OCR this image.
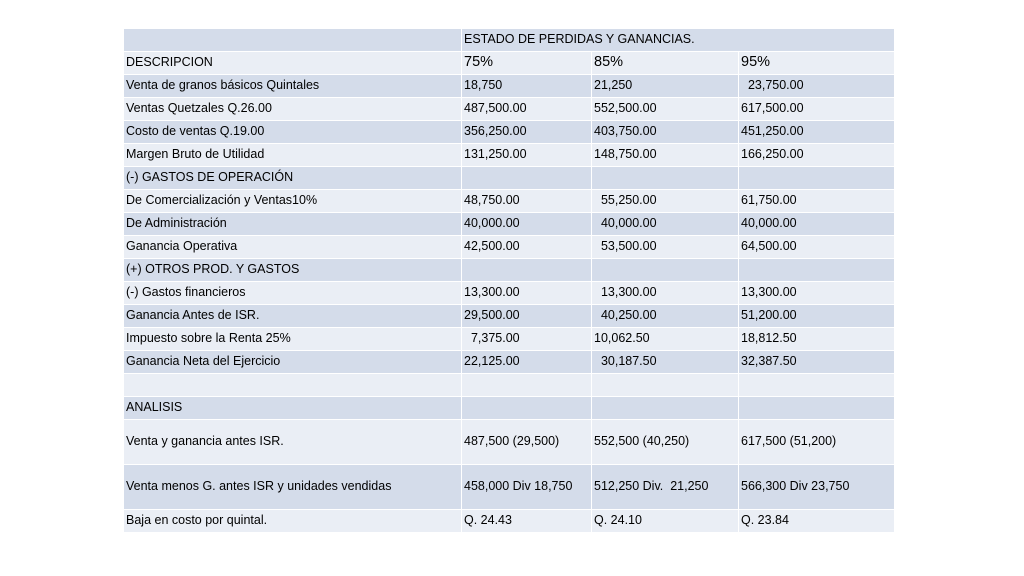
	ESTADO DE PERDIDAS Y GANANCIAS.		
DESCRIPCION	75%	85%	95%
Venta de granos básicos Quintales	18,750	21,250	23,750.00
Ventas Quetzales Q.26.00	487,500.00	552,500.00	617,500.00
Costo de ventas Q.19.00	356,250.00	403,750.00	451,250.00
Margen Bruto de Utilidad	131,250.00	148,750.00	166,250.00
(-) GASTOS DE OPERACIÓN			
De Comercialización y Ventas10%	48,750.00	55,250.00	61,750.00
De Administración	40,000.00	40,000.00	40,000.00
Ganancia Operativa	42,500.00	53,500.00	64,500.00
(+) OTROS PROD. Y GASTOS			
(-) Gastos financieros	13,300.00	13,300.00	13,300.00
Ganancia Antes de ISR.	29,500.00	40,250.00	51,200.00
Impuesto sobre la Renta 25%	7,375.00	10,062.50	18,812.50
Ganancia Neta del Ejercicio	22,125.00	30,187.50	32,387.50

ANALISIS			
Venta y ganancia antes ISR.	487,500 (29,500)	552,500 (40,250)	617,500 (51,200)
Venta menos G. antes ISR y unidades vendidas	458,000 Div 18,750	512,250 Div.  21,250	566,300 Div 23,750
Baja en costo por quintal.	Q. 24.43	Q. 24.10	Q. 23.84
